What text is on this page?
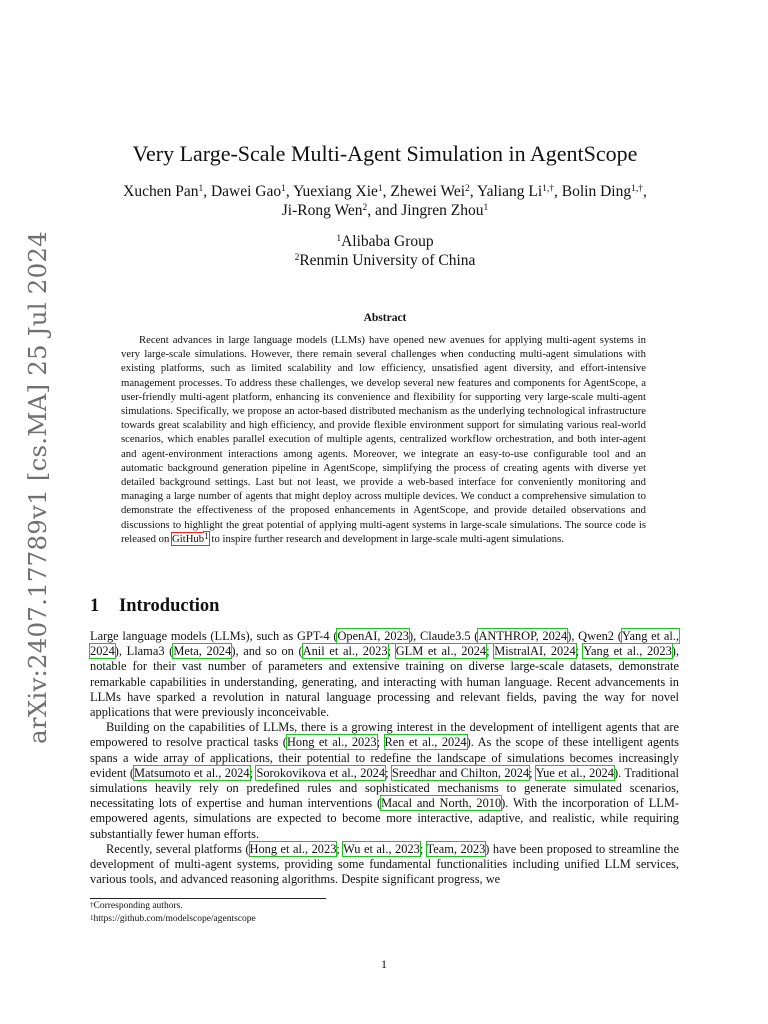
arXiv:2407.17789v1 [cs.MA] 25 Jul 2024
Very Large-Scale Multi-Agent Simulation in AgentScope
Xuchen Pan$^1$, Dawei Gao$^1$, Yuexiang Xie$^1$, Zhewei Wei$^2$, Yaliang $Li^{1,\dagger}$, Bolin Ding$^{1,\dagger}$,
Ji-Rong Wen$^2$, and Jingren Zhou$^1$
$^1$Alibaba Group
$^2$Renmin University of China
Abstract

Recent advances in large language models (LLMs) have opened new avenues for applying multi-agent systems in very large-scale simulations. However, there remain several challenges when conducting multi-agent simulations with existing platforms, such as limited scalability and low efficiency, unsatisfied agent diversity, and effort-intensive management processes. To address these challenges, we develop several new features and components for AgentScope, a user-friendly multi-agent platform, enhancing its convenience and flexibility for supporting very large-scale multi-agent simulations. Specifically, we propose an actor-based distributed mechanism as the underlying technological infrastructure towards great scalability and high efficiency, and provide flexible environment support for simulating various real-world scenarios, which enables parallel execution of multiple agents, centralized workflow orchestration, and both inter-agent and agent-environment interactions among agents. Moreover, we integrate an easy-to-use configurable tool and an automatic background generation pipeline in AgentScope, simplifying the process of creating agents with diverse yet detailed background settings. Last but not least, we provide a web-based interface for conveniently monitoring and managing a large number of agents that might deploy across multiple devices. We conduct a comprehensive simulation to demonstrate the effectiveness of the proposed enhancements in AgentScope, and provide detailed observations and discussions to highlight the great potential of applying multi-agent systems in large-scale simulations. The source code is released on GitHub$^1$ to inspire further research and development in large-scale multi-agent simulations.

1 Introduction

Large language models (LLMs), such as GPT-4 (OpenAI, 2023), Claude3.5 (ANTHROP, 2024), Qwen2 (Yang et al., 2024), Llama3 (Meta, 2024), and so on (Anil et al., 2023; GLM et al., 2024; MistralAI, 2024; Yang et al., 2023), notable for their vast number of parameters and extensive training on diverse large-scale datasets, demonstrate remarkable capabilities in understanding, generating, and interacting with human language. Recent advancements in LLMs have sparked a revolution in natural language processing and relevant fields, paving the way for novel applications that were previously inconceivable.

Building on the capabilities of LLMs, there is a growing interest in the development of intelligent agents that are empowered to resolve practical tasks (Hong et al., 2023; Ren et al., 2024). As the scope of these intelligent agents spans a wide array of applications, their potential to redefine the landscape of simulations becomes increasingly evident (Matsumoto et al., 2024; Sorokovikova et al., 2024; Sreedhar and Chilton, 2024; Yue et al., 2024). Traditional simulations heavily rely on predefined rules and sophisticated mechanisms to generate simulated scenarios, necessitating lots of expertise and human interventions (Macal and North, 2010). With the incorporation of LLM-empowered agents, simulations are expected to become more interactive, adaptive, and realistic, while requiring substantially fewer human efforts.

Recently, several platforms (Hong et al., 2023; Wu et al., 2023; Team, 2023) have been proposed to streamline the development of multi-agent systems, providing some fundamental functionalities including unified LLM services, various tools, and advanced reasoning algorithms. Despite significant progress, we

†Corresponding authors.
$^1$https://github.com/modelscope/agentscope
1
